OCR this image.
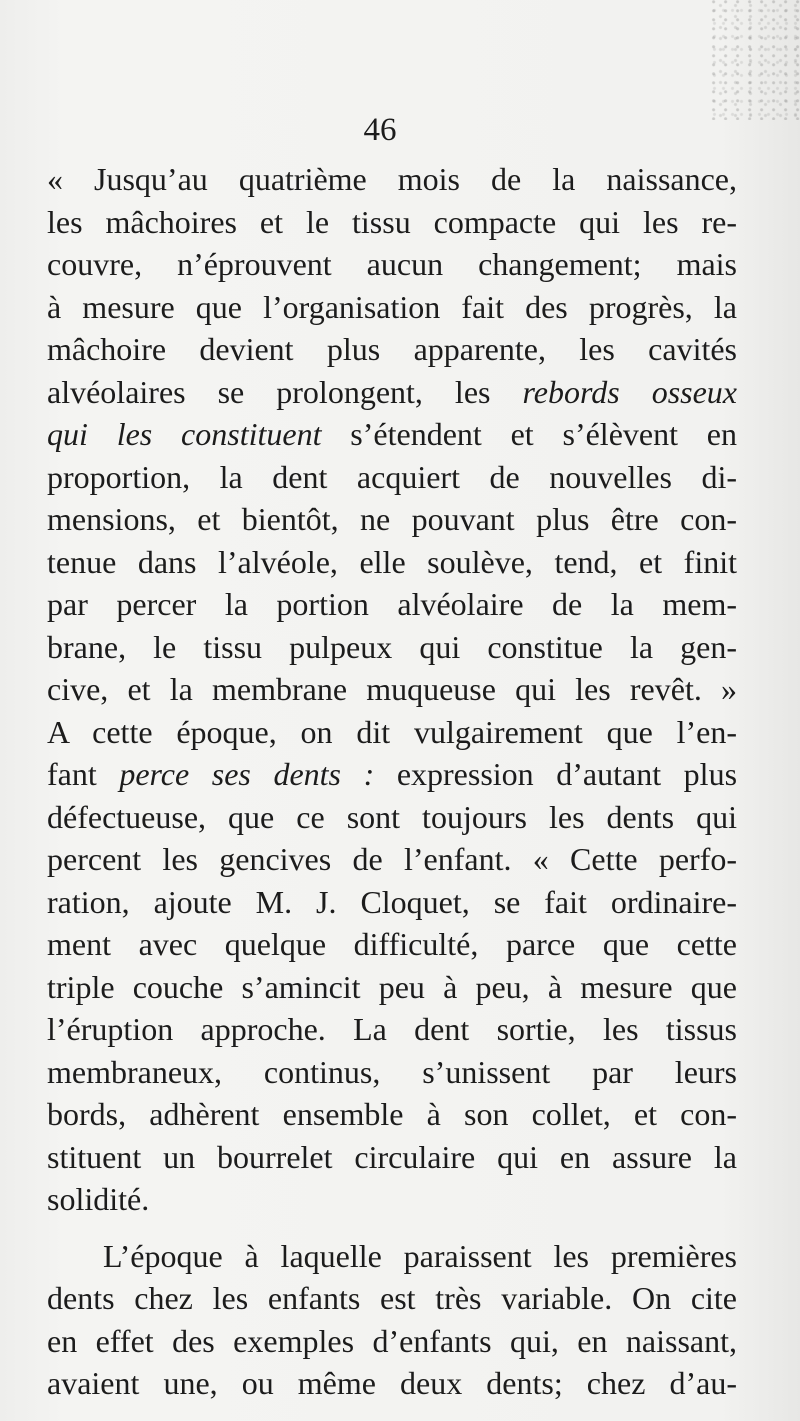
46
« Jusqu’au quatrième mois de la naissance,
les mâchoires et le tissu compacte qui les re-
couvre, n’éprouvent aucun changement; mais
à mesure que l’organisation fait des progrès, la
mâchoire devient plus apparente, les cavités
alvéolaires se prolongent, les rebords osseux
qui les constituent s’étendent et s’élèvent en
proportion, la dent acquiert de nouvelles di-
mensions, et bientôt, ne pouvant plus être con-
tenue dans l’alvéole, elle soulève, tend, et finit
par percer la portion alvéolaire de la mem-
brane, le tissu pulpeux qui constitue la gen-
cive, et la membrane muqueuse qui les revêt. »
A cette époque, on dit vulgairement que l’en-
fant perce ses dents : expression d’autant plus
défectueuse, que ce sont toujours les dents qui
percent les gencives de l’enfant. « Cette perfo-
ration, ajoute M. J. Cloquet, se fait ordinaire-
ment avec quelque difficulté, parce que cette
triple couche s’amincit peu à peu, à mesure que
l’éruption approche. La dent sortie, les tissus
membraneux, continus, s’unissent par leurs
bords, adhèrent ensemble à son collet, et con-
stituent un bourrelet circulaire qui en assure la
solidité.
L’époque à laquelle paraissent les premières
dents chez les enfants est très variable. On cite
en effet des exemples d’enfants qui, en naissant,
avaient une, ou même deux dents; chez d’au-
